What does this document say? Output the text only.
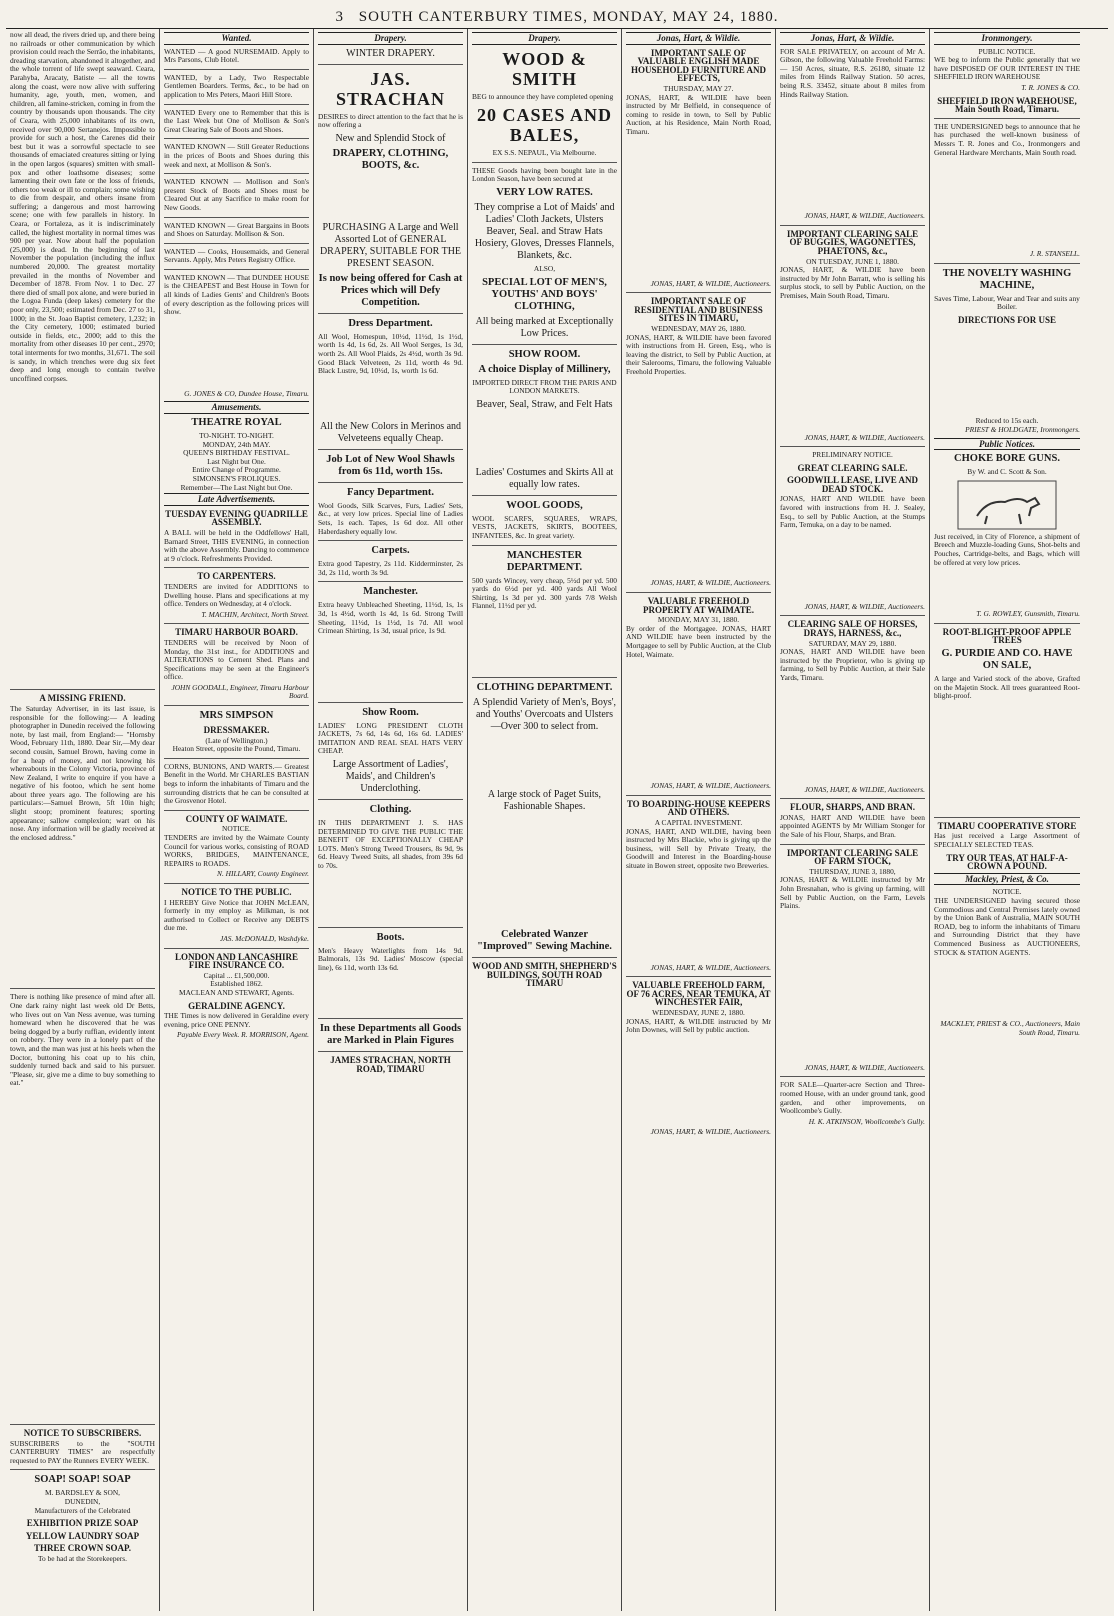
3 SOUTH CANTERBURY TIMES, MONDAY, MAY 24, 1880.

now all dead, the rivers dried up, and there being no railroads or other communication by which provision could reach the Serrão, the inhabitants, dreading starvation, abandoned it altogether, and the whole torrent of life swept seaward. Ceara, Parahyba, Aracaty, Batiste — all the towns along the coast, were now alive with suffering humanity, age, youth, men, women, and children, all famine-stricken, coming in from the country by thousands upon thousands. The city of Ceara, with 25,000 inhabitants of its own, received over 90,000 Sertanejos. Impossible to provide for such a host, the Carenes did their best but it was a sorrowful spectacle to see thousands of emaciated creatures sitting or lying in the open largos (squares) smitten with small-pox and other loathsome diseases; some lamenting their own fate or the loss of friends, others too weak or ill to complain; some wishing to die from despair, and others insane from suffering; a dangerous and most harrowing scene; one with few parallels in history. In Ceara, or Fortaleza, as it is indiscriminately called, the highest mortality in normal times was 900 per year. Now about half the population (25,000) is dead. In the beginning of last November the population (including the influx numbered 20,000. The greatest mortality prevailed in the months of November and December of 1878. From Nov. 1 to Dec. 27 there died of small pox alone, and were buried in the Logoa Funda (deep lakes) cemetery for the poor only, 23,500; estimated from Dec. 27 to 31, 1000; in the St. Joao Baptist cemetery, 1,232; in the City cemetery, 1000; estimated buried outside in fields, etc., 2000; add to this the mortality from other diseases 10 per cent., 2970; total interments for two months, 31,671. The soil is sandy, in which trenches were dug six feet deep and long enough to contain twelve uncoffined corpses.

A MISSING FRIEND.

The Saturday Advertiser, in its last issue, is responsible for the following:— A leading photographer in Dunedin received the following note, by last mail, from England:— "Hornsby Wood, February 11th, 1880. Dear Sir,—My dear second cousin, Samuel Brown, having come in for a heap of money, and not knowing his whereabouts in the Colony Victoria, province of New Zealand, I write to enquire if you have a negative of his footoo, which he sent home about three years ago. The following are his particulars:—Samuel Brown, 5ft 10in high; slight stoop; prominent features; sporting appearance; sallow complexion; wart on his nose. Any information will be gladly received at the enclosed address."

There is nothing like presence of mind after all. One dark rainy night last week old Dr Betts, who lives out on Van Ness avenue, was turning homeward when he discovered that he was being dogged by a burly ruffian, evidently intent on robbery. They were in a lonely part of the town, and the man was just at his heels when the Doctor, buttoning his coat up to his chin, suddenly turned back and said to his pursuer. "Please, sir, give me a dime to buy something to eat."

NOTICE TO SUBSCRIBERS.

SUBSCRIBERS to the "SOUTH CANTERBURY TIMES" are respectfully requested to PAY the Runners EVERY WEEK.

SOAP! SOAP! SOAP
M. BARDSLEY & SON,
DUNEDIN,
Manufacturers of the Celebrated
EXHIBITION PRIZE SOAP
YELLOW LAUNDRY SOAP
THREE CROWN SOAP.
To be had at the Storekeepers.
Wanted.

WANTED — A good NURSEMAID. Apply to Mrs Parsons, Club Hotel.

WANTED, by a Lady, Two Respectable Gentlemen Boarders. Terms, &c., to be had on application to Mrs Peters, Maori Hill Store.

WANTED Every one to Remember that this is the Last Week but One of Mollison & Son's Great Clearing Sale of Boots and Shoes.

WANTED KNOWN — Still Greater Reductions in the prices of Boots and Shoes during this week and next, at Mollison & Son's.

WANTED KNOWN — Mollison and Son's present Stock of Boots and Shoes must be Cleared Out at any Sacrifice to make room for New Goods.

WANTED KNOWN — Great Bargains in Boots and Shoes on Saturday. Mollison & Son.

WANTED — Cooks, Housemaids, and General Servants. Apply, Mrs Peters Registry Office.

WANTED KNOWN — That DUNDEE HOUSE is the CHEAPEST and Best House in Town for all kinds of Ladies Gents' and Children's Boots of every description as the following prices will show.

G. JONES & CO, Dundee House, Timaru.
Amusements.
THEATRE ROYAL
TO-NIGHT. TO-NIGHT.
MONDAY, 24th MAY.
QUEEN'S BIRTHDAY FESTIVAL.
Last Night but One.
Entire Change of Programme.
SIMONSEN'S FROLIQUES.
Remember—The Last Night but One.
Late Advertisements.
TUESDAY EVENING QUADRILLE ASSEMBLY.

A BALL will be held in the Oddfellows' Hall, Barnard Street, THIS EVENING, in connection with the above Assembly. Dancing to commence at 9 o'clock. Refreshments Provided.

TO CARPENTERS.

TENDERS are invited for ADDITIONS to Dwelling house. Plans and specifications at my office. Tenders on Wednesday, at 4 o'clock.

T. MACHIN, Architect, North Street.
TIMARU HARBOUR BOARD.

TENDERS will be received by Noon of Monday, the 31st inst., for ADDITIONS and ALTERATIONS to Cement Shed. Plans and Specifications may be seen at the Engineer's office.

JOHN GOODALL, Engineer, Timaru Harbour Board.
MRS SIMPSON
DRESSMAKER.
(Late of Wellington.)
Heaton Street, opposite the Pound, Timaru.

CORNS, BUNIONS, AND WARTS.— Greatest Benefit in the World. Mr CHARLES BASTIAN begs to inform the inhabitants of Timaru and the surrounding districts that he can be consulted at the Grosvenor Hotel.

COUNTY OF WAIMATE.
NOTICE.

TENDERS are invited by the Waimate County Council for various works, consisting of ROAD WORKS, BRIDGES, MAINTENANCE, REPAIRS to ROADS.

N. HILLARY, County Engineer.
NOTICE TO THE PUBLIC.

I HEREBY Give Notice that JOHN McLEAN, formerly in my employ as Milkman, is not authorised to Collect or Receive any DEBTS due me.

JAS. McDONALD, Washdyke.
LONDON AND LANCASHIRE FIRE INSURANCE CO.
Capital ... £1,500,000.
Established 1862.
MACLEAN AND STEWART, Agents.
GERALDINE AGENCY.

THE Times is now delivered in Geraldine every evening, price ONE PENNY.

Payable Every Week. R. MORRISON, Agent.
Drapery.
WINTER DRAPERY.
JAS. STRACHAN

DESIRES to direct attention to the fact that he is now offering a

New and Splendid Stock of
DRAPERY, CLOTHING, BOOTS, &c.
PURCHASING A Large and Well Assorted Lot of GENERAL DRAPERY, SUITABLE FOR THE PRESENT SEASON.
Is now being offered for Cash at Prices which will Defy Competition.
Dress Department.

All Wool, Homespun, 10½d, 11½d, 1s 1½d, worth 1s 4d, 1s 6d, 2s. All Wool Serges, 1s 3d, worth 2s. All Wool Plaids, 2s 4½d, worth 3s 9d. Good Black Velveteen, 2s 11d, worth 4s 9d. Black Lustre, 9d, 10½d, 1s, worth 1s 6d.

All the New Colors in Merinos and Velveteens equally Cheap.
Job Lot of New Wool Shawls from 6s 11d, worth 15s.
Fancy Department.

Wool Goods, Silk Scarves, Furs, Ladies' Sets, &c., at very low prices. Special line of Ladies Sets, 1s each. Tapes, 1s 6d doz. All other Haberdashery equally low.

Carpets.

Extra good Tapestry, 2s 11d. Kidderminster, 2s 3d, 2s 11d, worth 3s 9d.

Manchester.

Extra heavy Unbleached Sheeting, 11½d, 1s, 1s 3d, 1s 4½d, worth 1s 4d, 1s 6d. Strong Twill Sheeting, 11½d, 1s 1½d, 1s 7d. All wool Crimean Shirting, 1s 3d, usual price, 1s 9d.

Show Room.

LADIES' LONG PRESIDENT CLOTH JACKETS, 7s 6d, 14s 6d, 16s 6d. LADIES' IMITATION AND REAL SEAL HATS VERY CHEAP.

Large Assortment of Ladies', Maids', and Children's Underclothing.
Clothing.

IN THIS DEPARTMENT J. S. HAS DETERMINED TO GIVE THE PUBLIC THE BENEFIT OF EXCEPTIONALLY CHEAP LOTS. Men's Strong Tweed Trousers, 8s 9d, 9s 6d. Heavy Tweed Suits, all shades, from 39s 6d to 70s.

Boots.

Men's Heavy Waterlights from 14s 9d. Balmorals, 13s 9d. Ladies' Moscow (special line), 6s 11d, worth 13s 6d.

In these Departments all Goods are Marked in Plain Figures
JAMES STRACHAN, NORTH ROAD, TIMARU
Drapery.
WOOD & SMITH

BEG to announce they have completed opening

20 CASES AND BALES,
EX S.S. NEPAUL, Via Melbourne.

THESE Goods having been bought late in the London Season, have been secured at

VERY LOW RATES.
They comprise a Lot of Maids' and Ladies' Cloth Jackets, Ulsters Beaver, Seal. and Straw Hats Hosiery, Gloves, Dresses Flannels, Blankets, &c.
ALSO,
SPECIAL LOT OF MEN'S, YOUTHS' AND BOYS' CLOTHING,
All being marked at Exceptionally Low Prices.
SHOW ROOM.
A choice Display of Millinery,
IMPORTED DIRECT FROM THE PARIS AND LONDON MARKETS.
Beaver, Seal, Straw, and Felt Hats
Ladies' Costumes and Skirts All at equally low rates.
WOOL GOODS,

WOOL SCARFS, SQUARES, WRAPS, VESTS, JACKETS, SKIRTS, BOOTEES, INFANTEES, &c. In great variety.

MANCHESTER DEPARTMENT.

500 yards Wincey, very cheap, 5½d per yd. 500 yards do 6½d per yd. 400 yards All Wool Shirting, 1s 3d per yd. 300 yards 7/8 Welsh Flannel, 11½d per yd.

CLOTHING DEPARTMENT.
A Splendid Variety of Men's, Boys', and Youths' Overcoats and Ulsters—Over 300 to select from.
A large stock of Paget Suits, Fashionable Shapes.
Celebrated Wanzer "Improved" Sewing Machine.
WOOD AND SMITH, SHEPHERD'S BUILDINGS, SOUTH ROAD TIMARU
Jonas, Hart, & Wildie.
IMPORTANT SALE OF VALUABLE ENGLISH MADE HOUSEHOLD FURNITURE AND EFFECTS,
THURSDAY, MAY 27.

JONAS, HART, & WILDIE have been instructed by Mr Belfield, in consequence of coming to reside in town, to Sell by Public Auction, at his Residence, Main North Road, Timaru.

JONAS, HART, & WILDIE, Auctioneers.
IMPORTANT SALE OF RESIDENTIAL AND BUSINESS SITES IN TIMARU,
WEDNESDAY, MAY 26, 1880.

JONAS, HART, & WILDIE have been favored with instructions from H. Green, Esq., who is leaving the district, to Sell by Public Auction, at their Salerooms, Timaru, the following Valuable Freehold Properties.

JONAS, HART, & WILDIE, Auctioneers.
VALUABLE FREEHOLD PROPERTY AT WAIMATE.
MONDAY, MAY 31, 1880.

By order of the Mortgagee. JONAS, HART AND WILDIE have been instructed by the Mortgagee to sell by Public Auction, at the Club Hotel, Waimate.

JONAS, HART, & WILDIE, Auctioneers.
TO BOARDING-HOUSE KEEPERS AND OTHERS.
A CAPITAL INVESTMENT.

JONAS, HART, AND WILDIE, having been instructed by Mrs Blackie, who is giving up the business, will Sell by Private Treaty, the Goodwill and Interest in the Boarding-house situate in Bowen street, opposite two Breweries.

JONAS, HART, & WILDIE, Auctioneers.
VALUABLE FREEHOLD FARM, OF 76 ACRES, NEAR TEMUKA, AT WINCHESTER FAIR,
WEDNESDAY, JUNE 2, 1880.

JONAS, HART, & WILDIE instructed by Mr John Downes, will Sell by public auction.

JONAS, HART, & WILDIE, Auctioneers.
Jonas, Hart, & Wildie.

FOR SALE PRIVATELY, on account of Mr A. Gibson, the following Valuable Freehold Farms:— 150 Acres, situate, R.S. 26180, situate 12 miles from Hinds Railway Station. 50 acres, being R.S. 33452, situate about 8 miles from Hinds Railway Station.

JONAS, HART, & WILDIE, Auctioneers.
IMPORTANT CLEARING SALE OF BUGGIES, WAGONETTES, PHAETONS, &c.,
ON TUESDAY, JUNE 1, 1880.

JONAS, HART, & WILDIE have been instructed by Mr John Barratt, who is selling his surplus stock, to sell by Public Auction, on the Premises, Main South Road, Timaru.

JONAS, HART, & WILDIE, Auctioneers.
PRELIMINARY NOTICE.
GREAT CLEARING SALE.
GOODWILL LEASE, LIVE AND DEAD STOCK.

JONAS, HART AND WILDIE have been favored with instructions from H. J. Sealey, Esq., to sell by Public Auction, at the Stumps Farm, Temuka, on a day to be named.

JONAS, HART, & WILDIE, Auctioneers.
CLEARING SALE OF HORSES, DRAYS, HARNESS, &c.,
SATURDAY, MAY 29, 1880.

JONAS, HART AND WILDIE have been instructed by the Proprietor, who is giving up farming, to Sell by Public Auction, at their Sale Yards, Timaru.

JONAS, HART, & WILDIE, Auctioneers.
FLOUR, SHARPS, AND BRAN.

JONAS, HART AND WILDIE have been appointed AGENTS by Mr William Stonger for the Sale of his Flour, Sharps, and Bran.

IMPORTANT CLEARING SALE OF FARM STOCK,
THURSDAY, JUNE 3, 1880,

JONAS, HART & WILDIE instructed by Mr John Bresnahan, who is giving up farming, will Sell by Public Auction, on the Farm, Levels Plains.

JONAS, HART, & WILDIE, Auctioneers.

FOR SALE—Quarter-acre Section and Three-roomed House, with an under ground tank, good garden, and other improvements, on Woollcombe's Gully.

H. K. ATKINSON, Woollcombe's Gully.
Ironmongery.
PUBLIC NOTICE.

WE beg to inform the Public generally that we have DISPOSED OF OUR INTEREST IN THE SHEFFIELD IRON WAREHOUSE

T. R. JONES & CO.
SHEFFIELD IRON WAREHOUSE, Main South Road, Timaru.

THE UNDERSIGNED begs to announce that he has purchased the well-known business of Messrs T. R. Jones and Co., Ironmongers and General Hardware Merchants, Main South road.

J. R. STANSELL.
THE NOVELTY WASHING MACHINE,
Saves Time, Labour, Wear and Tear and suits any Boiler.
DIRECTIONS FOR USE
Reduced to 15s each.
PRIEST & HOLDGATE, Ironmongers.
Public Notices.
CHOKE BORE GUNS.
By W. and C. Scott & Son.

Just received, in City of Florence, a shipment of Breech and Muzzle-loading Guns, Shot-belts and Pouches, Cartridge-belts, and Bags, which will be offered at very low prices.

T. G. ROWLEY, Gunsmith, Timaru.
ROOT-BLIGHT-PROOF APPLE TREES
G. PURDIE AND CO. HAVE ON SALE,

A large and Varied stock of the above, Grafted on the Majetin Stock. All trees guaranteed Root-blight-proof.

TIMARU COOPERATIVE STORE

Has just received a Large Assortment of SPECIALLY SELECTED TEAS.

TRY OUR TEAS, AT HALF-A-CROWN A POUND.
Mackley, Priest, & Co.
NOTICE.

THE UNDERSIGNED having secured those Commodious and Central Premises lately owned by the Union Bank of Australia, MAIN SOUTH ROAD, beg to inform the inhabitants of Timaru and Surrounding District that they have Commenced Business as AUCTIONEERS, STOCK & STATION AGENTS.

MACKLEY, PRIEST & CO., Auctioneers, Main South Road, Timaru.
